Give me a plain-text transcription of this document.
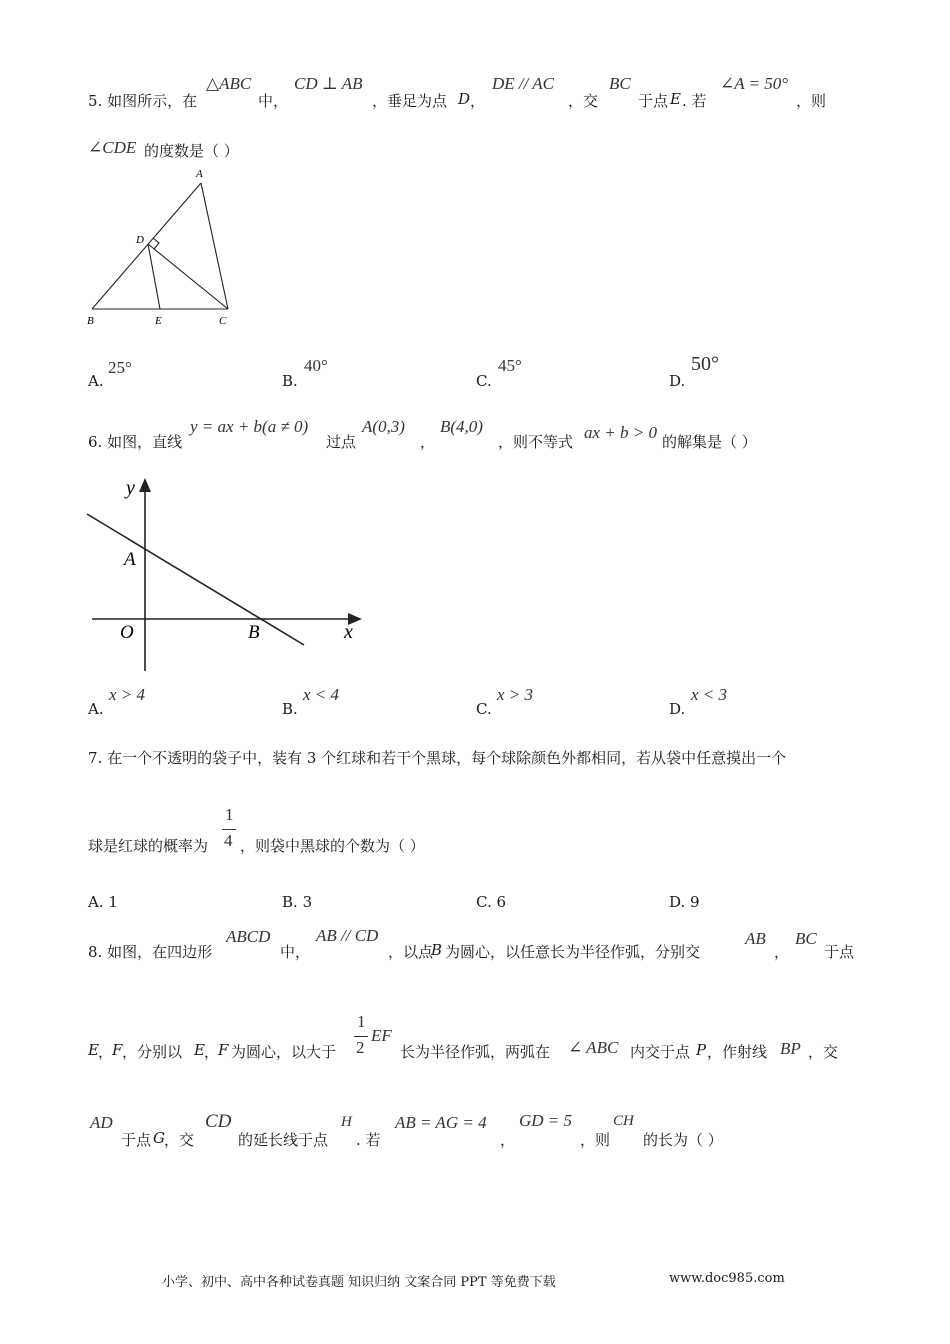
5. 如图所示，在
△ABC
中，
CD ⊥ AB
，垂足为点 D ，
DE // AC
，交
BC
于点 E . 若
∠A = 50°
，则
∠CDE 的度数是（ ）
A
D
B	E	C
A.
25°
B.
40°
C.
45°
D.
50°
6. 如图，直线
y = ax + b(a ≠ 0)
过点
A(0,3)
，
B(4,0)
，则不等式 ax + b > 0 的解集是（ ）
y
A
O	B	x
A.
x > 4
B.
x < 4
C.
x > 3
D.
x < 3
7. 在一个不透明的袋子中，装有 3 个红球和若干个黑球，每个球除颜色外都相同，若从袋中任意摸出一个
球是红球的概率为
1
4 ，则袋中黑球的个数为（ ）
A. 1	B. 3	C. 6	D. 9
8. 如图，在四边形
ABCD
中，
AB // CD
，以点
B 为圆心，以任意长为半径作弧，分别交
AB
，
BC
于点
E ，
F ，分别以 E ，
F 为圆心，以大于
1
2
EF
长为半径作弧，两弧在 ∠ ABC 内交于点 P ，作射线 BP ，交
AD
于点 G ，交
CD
的延长线于点
H
. 若
AB = AG = 4
，
GD = 5
，则
CH
的长为（ ）
小学、初中、高中各种试卷真题 知识归纳 文案合同 PPT 等免费下载	www.doc985.com
